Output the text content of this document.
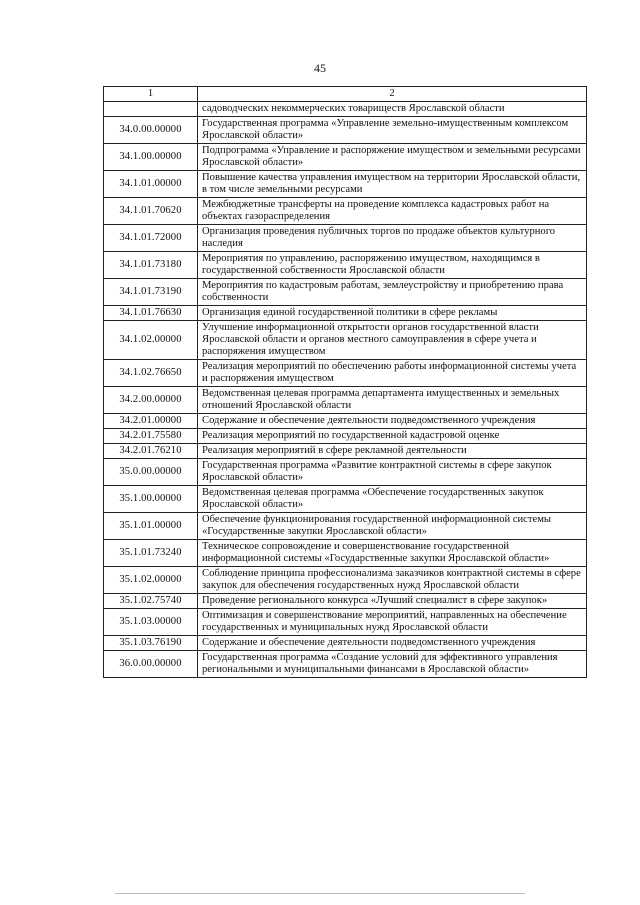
45
1	2
	садоводческих некоммерческих товариществ Ярославской области
34.0.00.00000	Государственная программа «Управление земельно-имущественным комплексом Ярославской области»
34.1.00.00000	Подпрограмма «Управление и распоряжение имуществом и земельными ресурсами Ярославской области»
34.1.01.00000	Повышение качества управления имуществом на территории Ярославской области, в том числе земельными ресурсами
34.1.01.70620	Межбюджетные трансферты на проведение комплекса кадастровых работ на объектах газораспределения
34.1.01.72000	Организация проведения публичных торгов по продаже объектов культурного наследия
34.1.01.73180	Мероприятия по управлению, распоряжению имуществом, находящимся в государственной собственности Ярославской области
34.1.01.73190	Мероприятия по кадастровым работам, землеустройству и приобретению права собственности
34.1.01.76630	Организация единой государственной политики в сфере рекламы
34.1.02.00000	Улучшение информационной открытости органов государственной власти Ярославской области и органов местного самоуправления в сфере учета и распоряжения имуществом
34.1.02.76650	Реализация мероприятий по обеспечению работы информационной системы учета и распоряжения имуществом
34.2.00.00000	Ведомственная целевая программа департамента имущественных и земельных отношений Ярославской области
34.2.01.00000	Содержание и обеспечение деятельности подведомственного учреждения
34.2.01.75580	Реализация мероприятий по государственной кадастровой оценке
34.2.01.76210	Реализация мероприятий в сфере рекламной деятельности
35.0.00.00000	Государственная программа «Развитие контрактной системы в сфере закупок Ярославской области»
35.1.00.00000	Ведомственная целевая программа «Обеспечение государственных закупок Ярославской области»
35.1.01.00000	Обеспечение функционирования государственной информационной системы «Государственные закупки Ярославской области»
35.1.01.73240	Техническое сопровождение и совершенствование государственной информационной системы «Государственные закупки Ярославской области»
35.1.02.00000	Соблюдение принципа профессионализма заказчиков контрактной системы в сфере закупок для обеспечения государственных нужд Ярославской области
35.1.02.75740	Проведение регионального конкурса «Лучший специалист в сфере закупок»
35.1.03.00000	Оптимизация и совершенствование мероприятий, направленных на обеспечение государственных и муниципальных нужд Ярославской области
35.1.03.76190	Содержание и обеспечение деятельности подведомственного учреждения
36.0.00.00000	Государственная программа «Создание условий для эффективного управления региональными и муниципальными финансами в Ярославской области»
